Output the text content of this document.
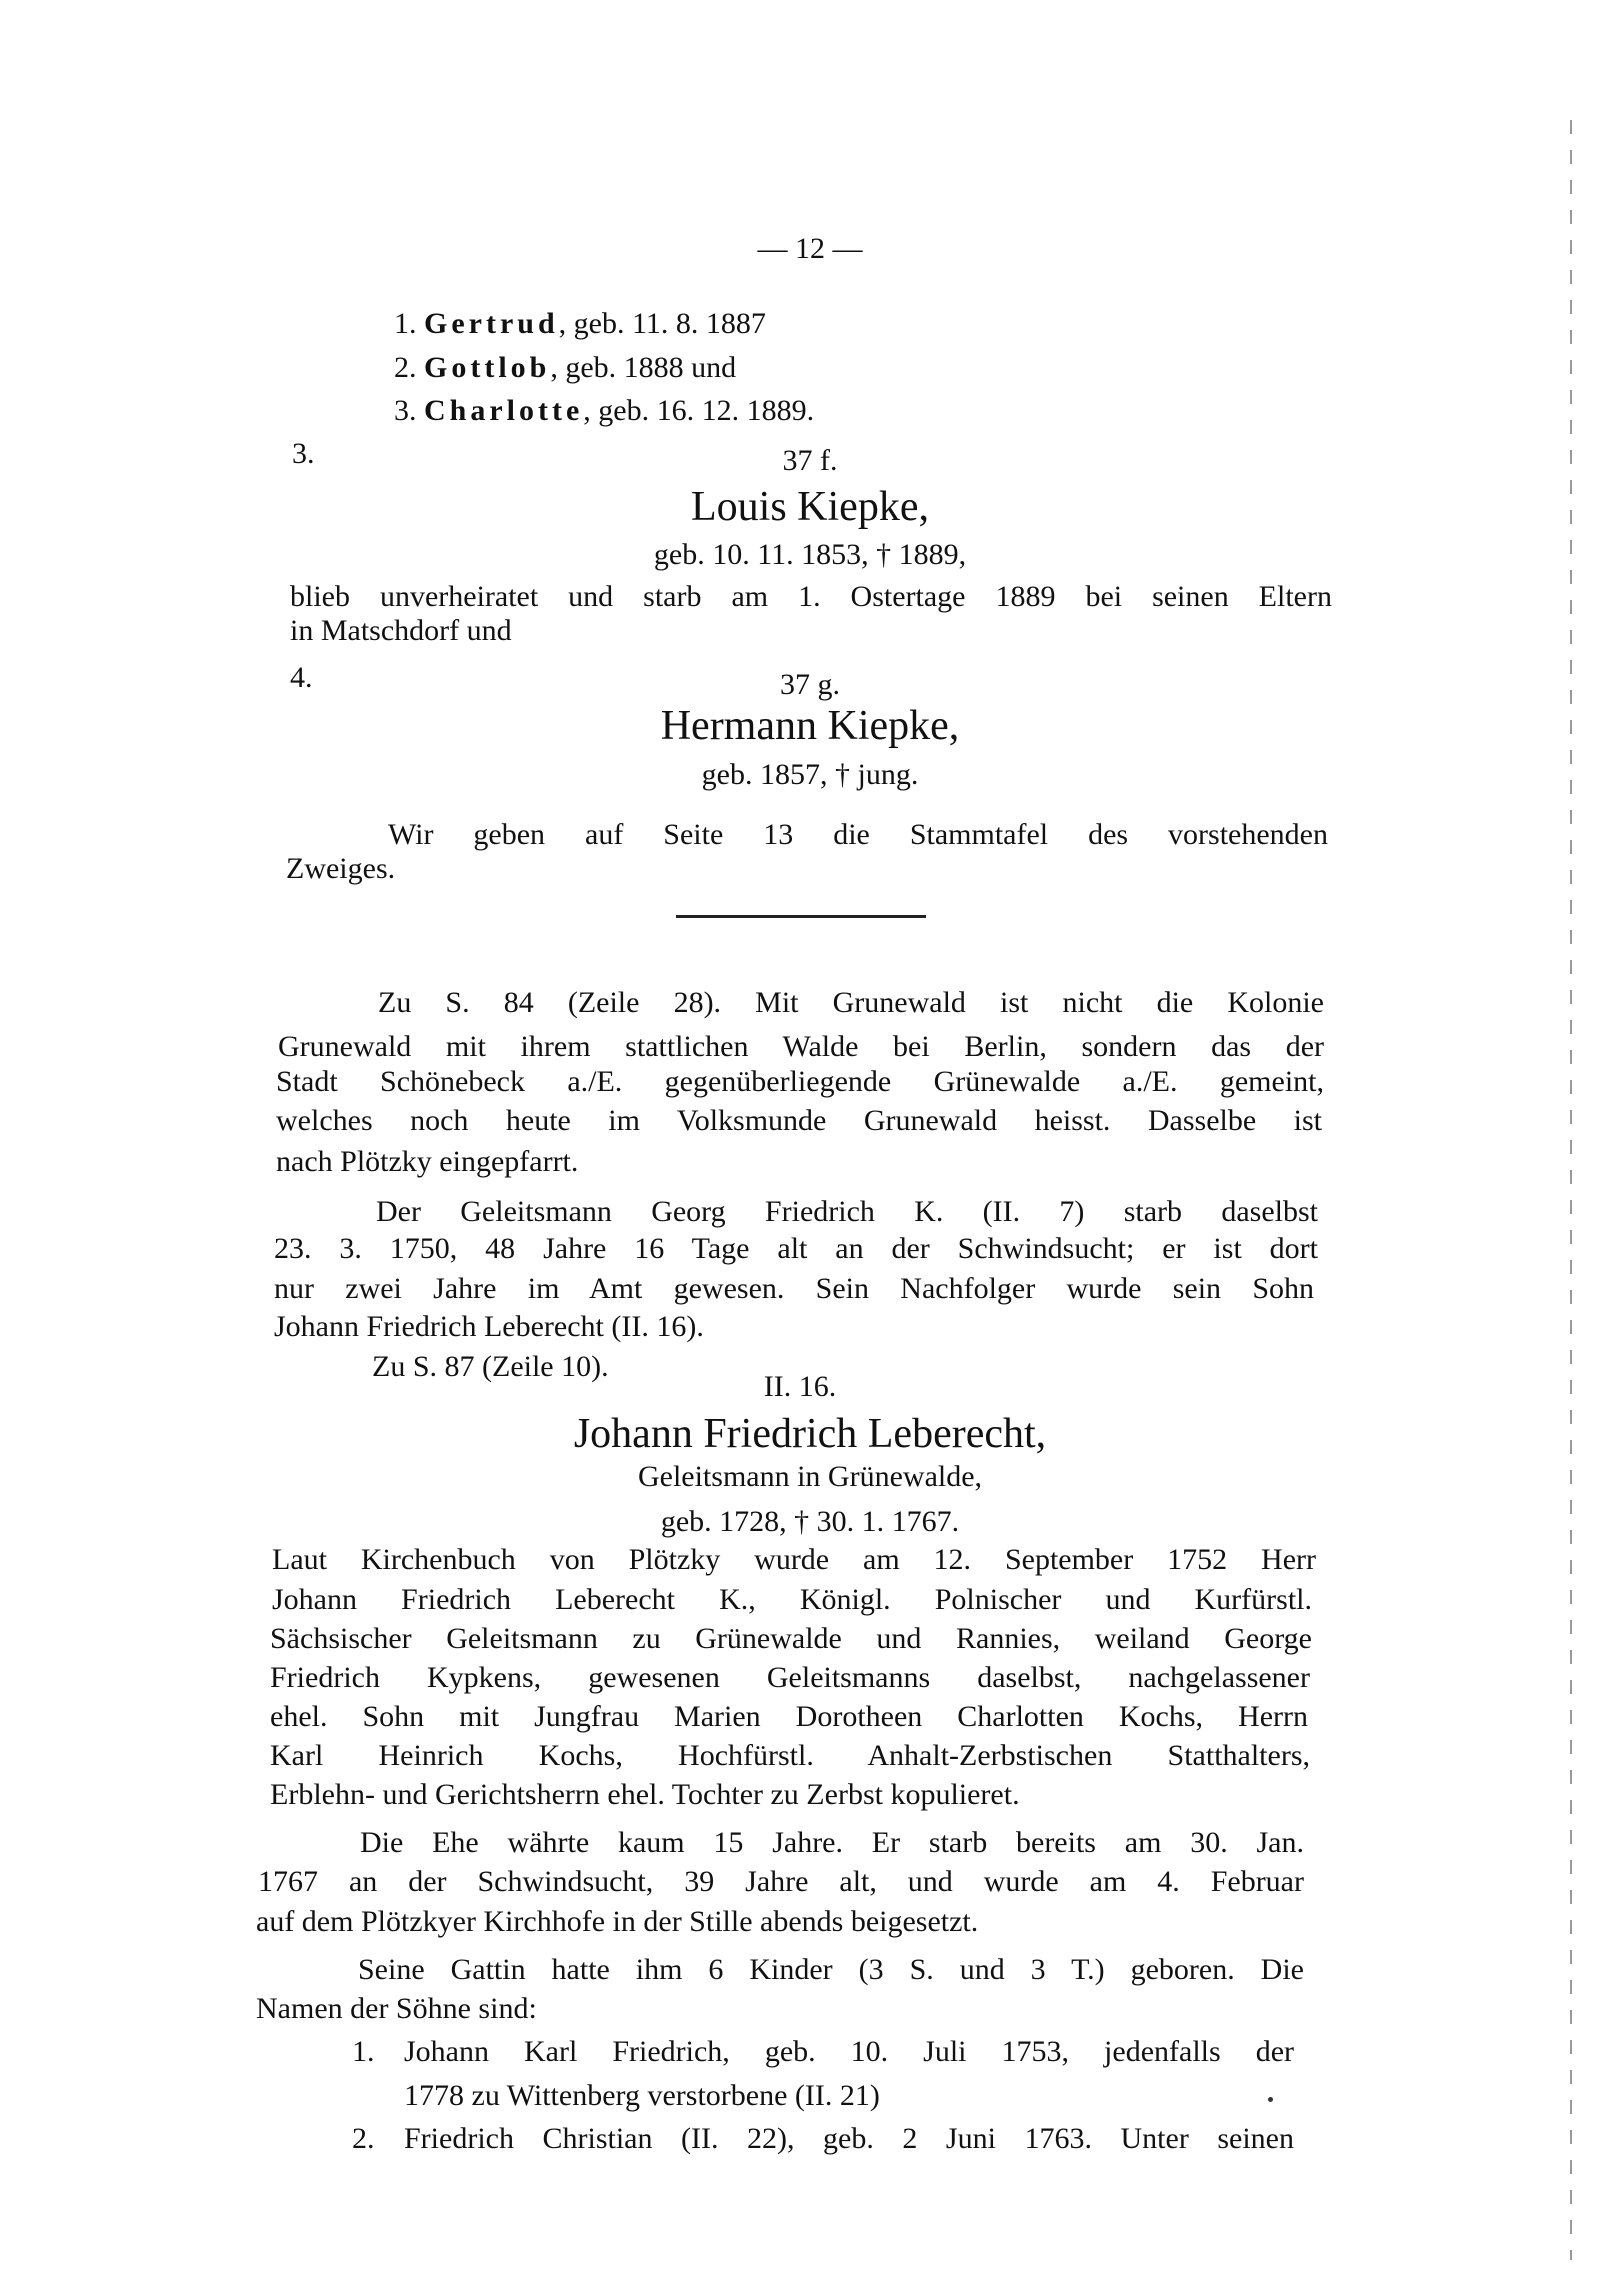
— 12 —
1. Gertrud, geb. 11. 8. 1887
2. Gottlob, geb. 1888 und
3. Charlotte, geb. 16. 12. 1889.
3.	37 f.
Louis Kiepke,
geb. 10. 11. 1853, † 1889,
blieb unverheiratet und starb am 1. Ostertage 1889 bei seinen Eltern
in Matschdorf und
4.	37 g.
Hermann Kiepke,
geb. 1857, † jung.
Wir geben auf Seite 13 die Stammtafel des vorstehenden
Zweiges.
Zu S. 84 (Zeile 28). Mit Grunewald ist nicht die Kolonie
Grunewald mit ihrem stattlichen Walde bei Berlin, sondern das der
Stadt Schönebeck a./E. gegenüberliegende Grünewalde a./E. gemeint,
welches noch heute im Volksmunde Grunewald heisst. Dasselbe ist
nach Plötzky eingepfarrt.
Der Geleitsmann Georg Friedrich K. (II. 7) starb daselbst
23. 3. 1750, 48 Jahre 16 Tage alt an der Schwindsucht; er ist dort
nur zwei Jahre im Amt gewesen. Sein Nachfolger wurde sein Sohn
Johann Friedrich Leberecht (II. 16).
Zu S. 87 (Zeile 10).
II. 16.
Johann Friedrich Leberecht,
Geleitsmann in Grünewalde,
geb. 1728, † 30. 1. 1767.
Laut Kirchenbuch von Plötzky wurde am 12. September 1752 Herr
Johann Friedrich Leberecht K., Königl. Polnischer und Kurfürstl.
Sächsischer Geleitsmann zu Grünewalde und Rannies, weiland George
Friedrich Kypkens, gewesenen Geleitsmanns daselbst, nachgelassener
ehel. Sohn mit Jungfrau Marien Dorotheen Charlotten Kochs, Herrn
Karl Heinrich Kochs, Hochfürstl. Anhalt-Zerbstischen Statthalters,
Erblehn- und Gerichtsherrn ehel. Tochter zu Zerbst kopulieret.
Die Ehe währte kaum 15 Jahre. Er starb bereits am 30. Jan.
1767 an der Schwindsucht, 39 Jahre alt, und wurde am 4. Februar
auf dem Plötzkyer Kirchhofe in der Stille abends beigesetzt.
Seine Gattin hatte ihm 6 Kinder (3 S. und 3 T.) geboren. Die
Namen der Söhne sind:
1. Johann Karl Friedrich, geb. 10. Juli 1753, jedenfalls der
1778 zu Wittenberg verstorbene (II. 21)
2. Friedrich Christian (II. 22), geb. 2 Juni 1763. Unter seinen
